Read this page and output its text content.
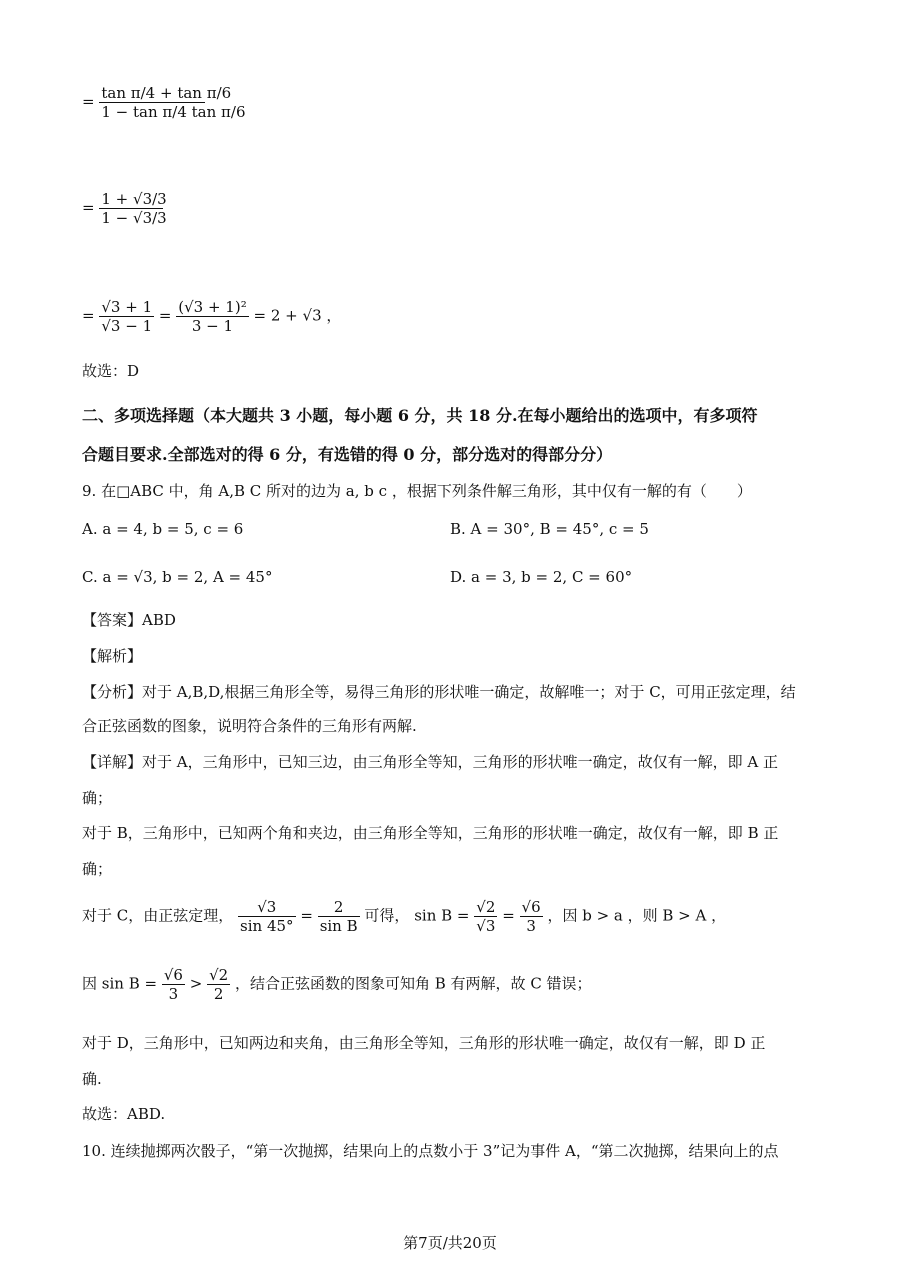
= $\frac{\text{tan π/4 + tan π/6}}{\text{1 − tan π/4 tan π/6}}$
= $\frac{1 + √3/3}{1 - √3/3}$
= $\frac{√3 + 1}{√3 - 1} = \frac{\text{(√3 + 1)²}}{3 - 1} = 2 + √3$ ，
故选：D
二、多项选择题（本大题共 3 小题，每小题 6 分，共 18 分.在每小题给出的选项中，有多项符
合题目要求.全部选对的得 6 分，有选错的得 0 分，部分选对的得部分分）
9. 在□ABC 中，角 A,B C 所对的边为 a, b c ，根据下列条件解三角形，其中仅有一解的有（　　）
A. a = 4, b = 5, c = 6	B. A = 30°, B = 45°, c = 5
C. a = √3, b = 2, A = 45°	D. a = 3, b = 2, C = 60°
【答案】ABD
【解析】
【分析】对于 A,B,D,根据三角形全等，易得三角形的形状唯一确定，故解唯一；对于 C，可用正弦定理，结
合正弦函数的图象，说明符合条件的三角形有两解.
【详解】对于 A，三角形中，已知三边，由三角形全等知，三角形的形状唯一确定，故仅有一解，即 A 正
确；
对于 B，三角形中，已知两个角和夹边，由三角形全等知，三角形的形状唯一确定，故仅有一解，即 B 正
确；
对于 C，由正弦定理， $\frac{√3}{\sin 45^\circ} = \frac{2}{\text{sin B}}$ 可得， $\sin B = \frac{√2}{√3} = \frac{√6}{3}$ ，因 b > a ，则 B > A ，
因 $\sin B = \frac{√6}{3} > \frac{√2}{2}$ ，结合正弦函数的图象可知角 B 有两解，故 C 错误；
对于 D，三角形中，已知两边和夹角，由三角形全等知，三角形的形状唯一确定，故仅有一解，即 D 正
确.
故选：ABD.
10. 连续抛掷两次骰子，“第一次抛掷，结果向上的点数小于 3”记为事件 A，“第二次抛掷，结果向上的点
第7页/共20页
